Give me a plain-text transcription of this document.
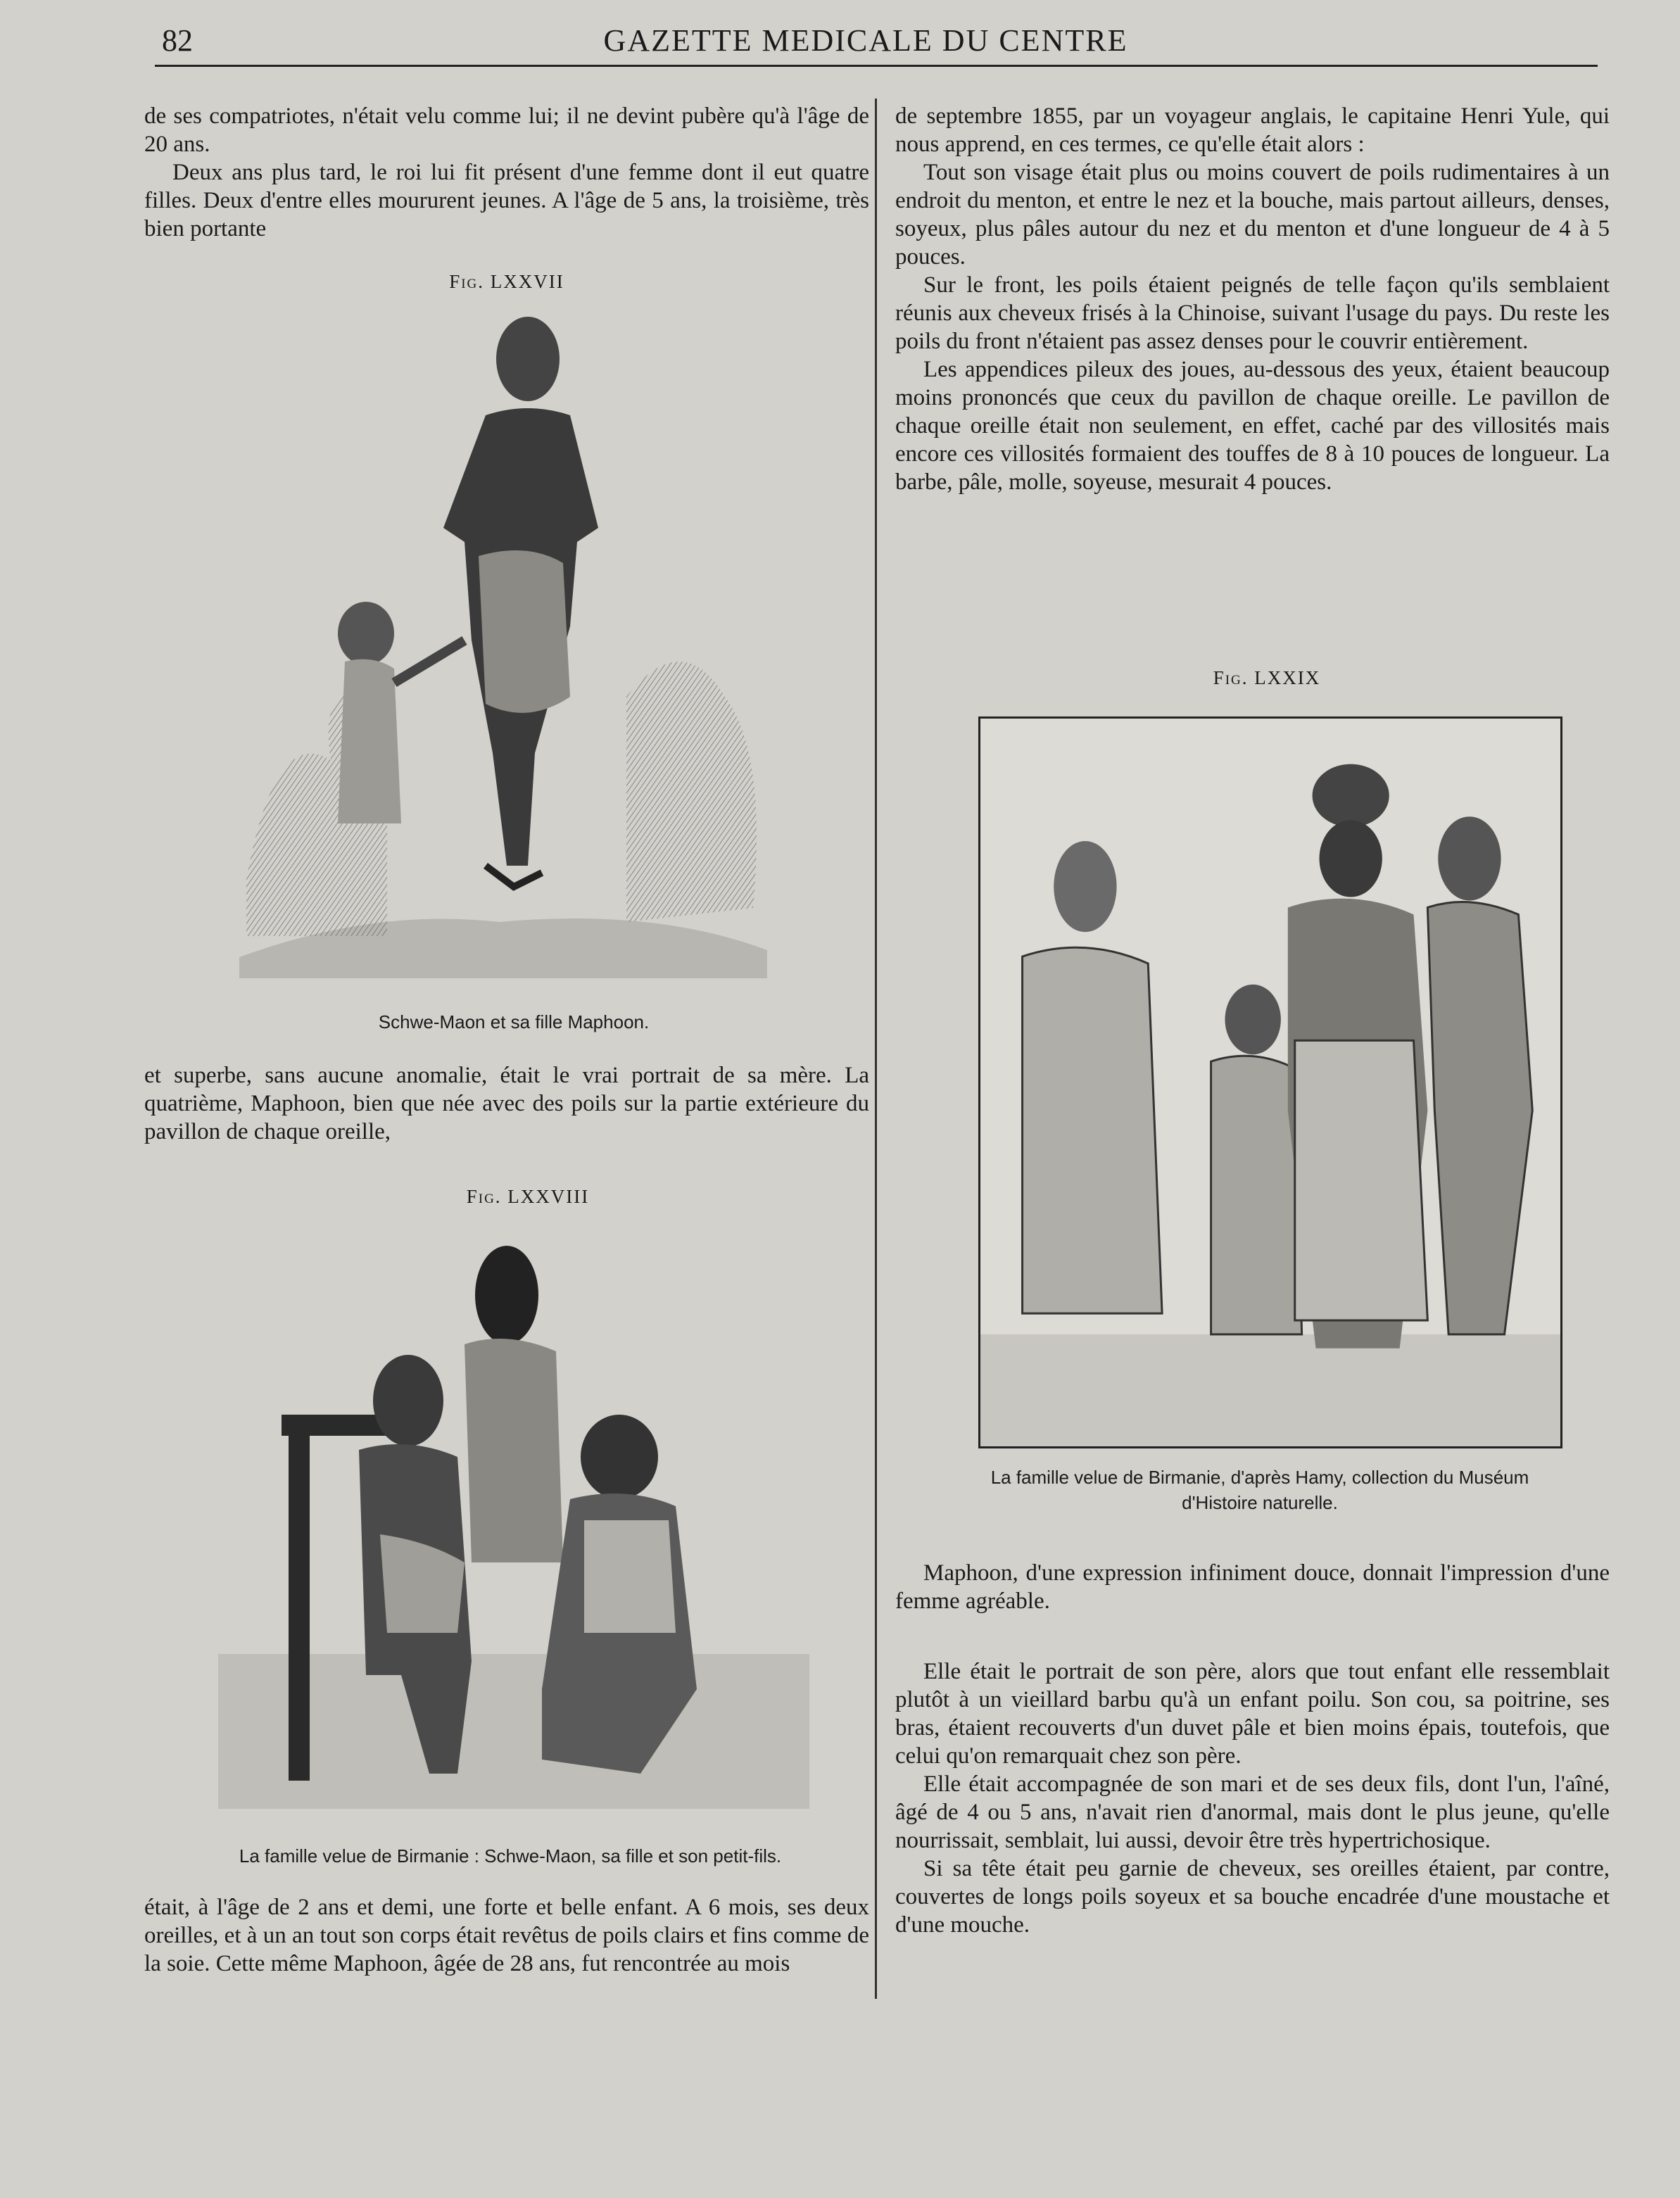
82	GAZETTE MEDICALE DU CENTRE

de ses compatriotes, n'était velu comme lui; il ne devint pubère qu'à l'âge de 20 ans.

Deux ans plus tard, le roi lui fit présent d'une femme dont il eut quatre filles. Deux d'entre elles moururent jeunes. A l'âge de 5 ans, la troisième, très bien portante

Fig. LXXVII
Schwe-Maon et sa fille Maphoon.

et superbe, sans aucune anomalie, était le vrai portrait de sa mère. La quatrième, Maphoon, bien que née avec des poils sur la partie extérieure du pavillon de chaque oreille,

Fig. LXXVIII
La famille velue de Birmanie : Schwe-Maon, sa fille et son petit-fils.

était, à l'âge de 2 ans et demi, une forte et belle enfant. A 6 mois, ses deux oreilles, et à un an tout son corps était revêtus de poils clairs et fins comme de la soie. Cette même Maphoon, âgée de 28 ans, fut rencontrée au mois

de septembre 1855, par un voyageur anglais, le capitaine Henri Yule, qui nous apprend, en ces termes, ce qu'elle était alors :

Tout son visage était plus ou moins couvert de poils rudimentaires à un endroit du menton, et entre le nez et la bouche, mais partout ailleurs, denses, soyeux, plus pâles autour du nez et du menton et d'une longueur de 4 à 5 pouces.

Sur le front, les poils étaient peignés de telle façon qu'ils semblaient réunis aux cheveux frisés à la Chinoise, suivant l'usage du pays. Du reste les poils du front n'étaient pas assez denses pour le couvrir entièrement.

Les appendices pileux des joues, au-dessous des yeux, étaient beaucoup moins prononcés que ceux du pavillon de chaque oreille. Le pavillon de chaque oreille était non seulement, en effet, caché par des villosités mais encore ces villosités formaient des touffes de 8 à 10 pouces de longueur. La barbe, pâle, molle, soyeuse, mesurait 4 pouces.

Fig. LXXIX
La famille velue de Birmanie, d'après Hamy, collection du Muséum
d'Histoire naturelle.

Maphoon, d'une expression infiniment douce, donnait l'impression d'une femme agréable.

Elle était le portrait de son père, alors que tout enfant elle ressemblait plutôt à un vieillard barbu qu'à un enfant poilu. Son cou, sa poitrine, ses bras, étaient recouverts d'un duvet pâle et bien moins épais, toutefois, que celui qu'on remarquait chez son père.

Elle était accompagnée de son mari et de ses deux fils, dont l'un, l'aîné, âgé de 4 ou 5 ans, n'avait rien d'anormal, mais dont le plus jeune, qu'elle nourrissait, semblait, lui aussi, devoir être très hypertrichosique.

Si sa tête était peu garnie de cheveux, ses oreilles étaient, par contre, couvertes de longs poils soyeux et sa bouche encadrée d'une moustache et d'une mouche.
